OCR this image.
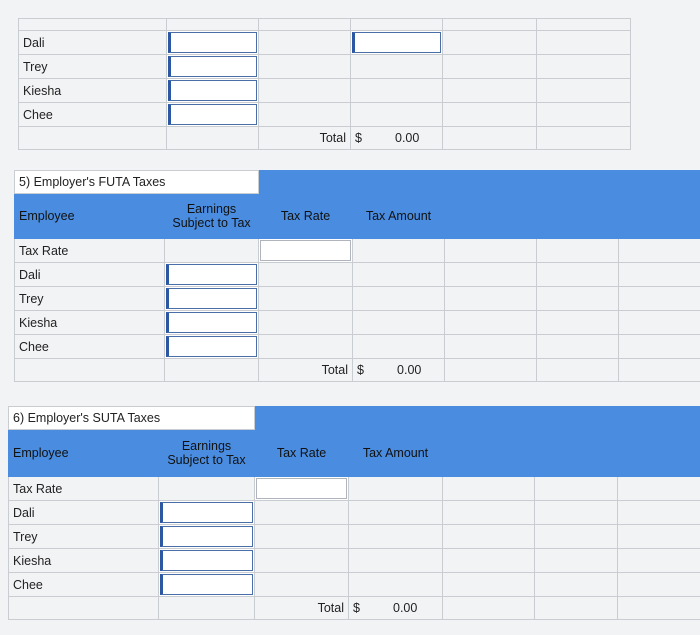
Dali	

Trey	

Kiesha	

Chee	

		Total	$ 0.00		
5) Employer's FUTA Taxes						
Employee	Earnings Subject to Tax	Tax Rate	Tax Amount			
Tax Rate		

Dali	

Trey	

Kiesha	

Chee	

		Total	$ 0.00			
6) Employer's SUTA Taxes						
Employee	Earnings Subject to Tax	Tax Rate	Tax Amount			
Tax Rate		

Dali	

Trey	

Kiesha	

Chee	

		Total	$ 0.00			
